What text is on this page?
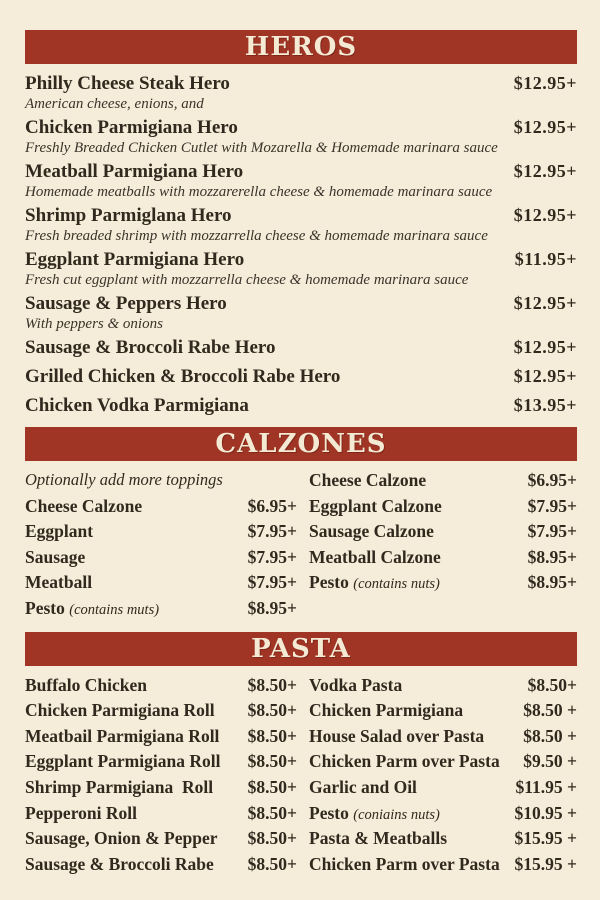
HEROS
Philly Cheese Steak Hero	$12.95+
American cheese, enions, and
Chicken Parmigiana Hero	$12.95+
Freshly Breaded Chicken Cutlet with Mozarella & Homemade marinara sauce
Meatball Parmigiana Hero	$12.95+
Homemade meatballs with mozzarerella cheese & homemade marinara sauce
Shrimp Parmiglana Hero	$12.95+
Fresh breaded shrimp with mozzarrella cheese & homemade marinara sauce
Eggplant Parmigiana Hero	$11.95+
Fresh cut eggplant with mozzarrella cheese & homemade marinara sauce
Sausage & Peppers Hero	$12.95+
With peppers & onions
Sausage & Broccoli Rabe Hero	$12.95+
Grilled Chicken & Broccoli Rabe Hero	$12.95+
Chicken Vodka Parmigiana	$13.95+
CALZONES
Optionally add more toppings
Cheese Calzone	$6.95+
Eggplant	$7.95+
Sausage	$7.95+
Meatball	$7.95+
Pesto (contains muts)	$8.95+
Cheese Calzone	$6.95+
Eggplant Calzone	$7.95+
Sausage Calzone	$7.95+
Meatball Calzone	$8.95+
Pesto (contains nuts)	$8.95+
PASTA
Buffalo Chicken	$8.50+
Chicken Parmigiana Roll $8.50+
Meatbail Parmigiana Roll $8.50+
Eggplant Parmigiana Roll $8.50+
Shrimp Parmigiana  Roll $8.50+
Pepperoni Roll	$8.50+
Sausage, Onion & Pepper $8.50+
Sausage & Broccoli Rabe $8.50+
Vodka Pasta	$8.50+
Chicken Parmigiana	$8.50 +
House Salad over Pasta $8.50 +
Chicken Parm over Pasta $9.50 +
Garlic and Oil	$11.95 +
Pesto (coniains nuts)	$10.95 +
Pasta & Meatballs	$15.95 +
Chicken Parm over Pasta $15.95 +
